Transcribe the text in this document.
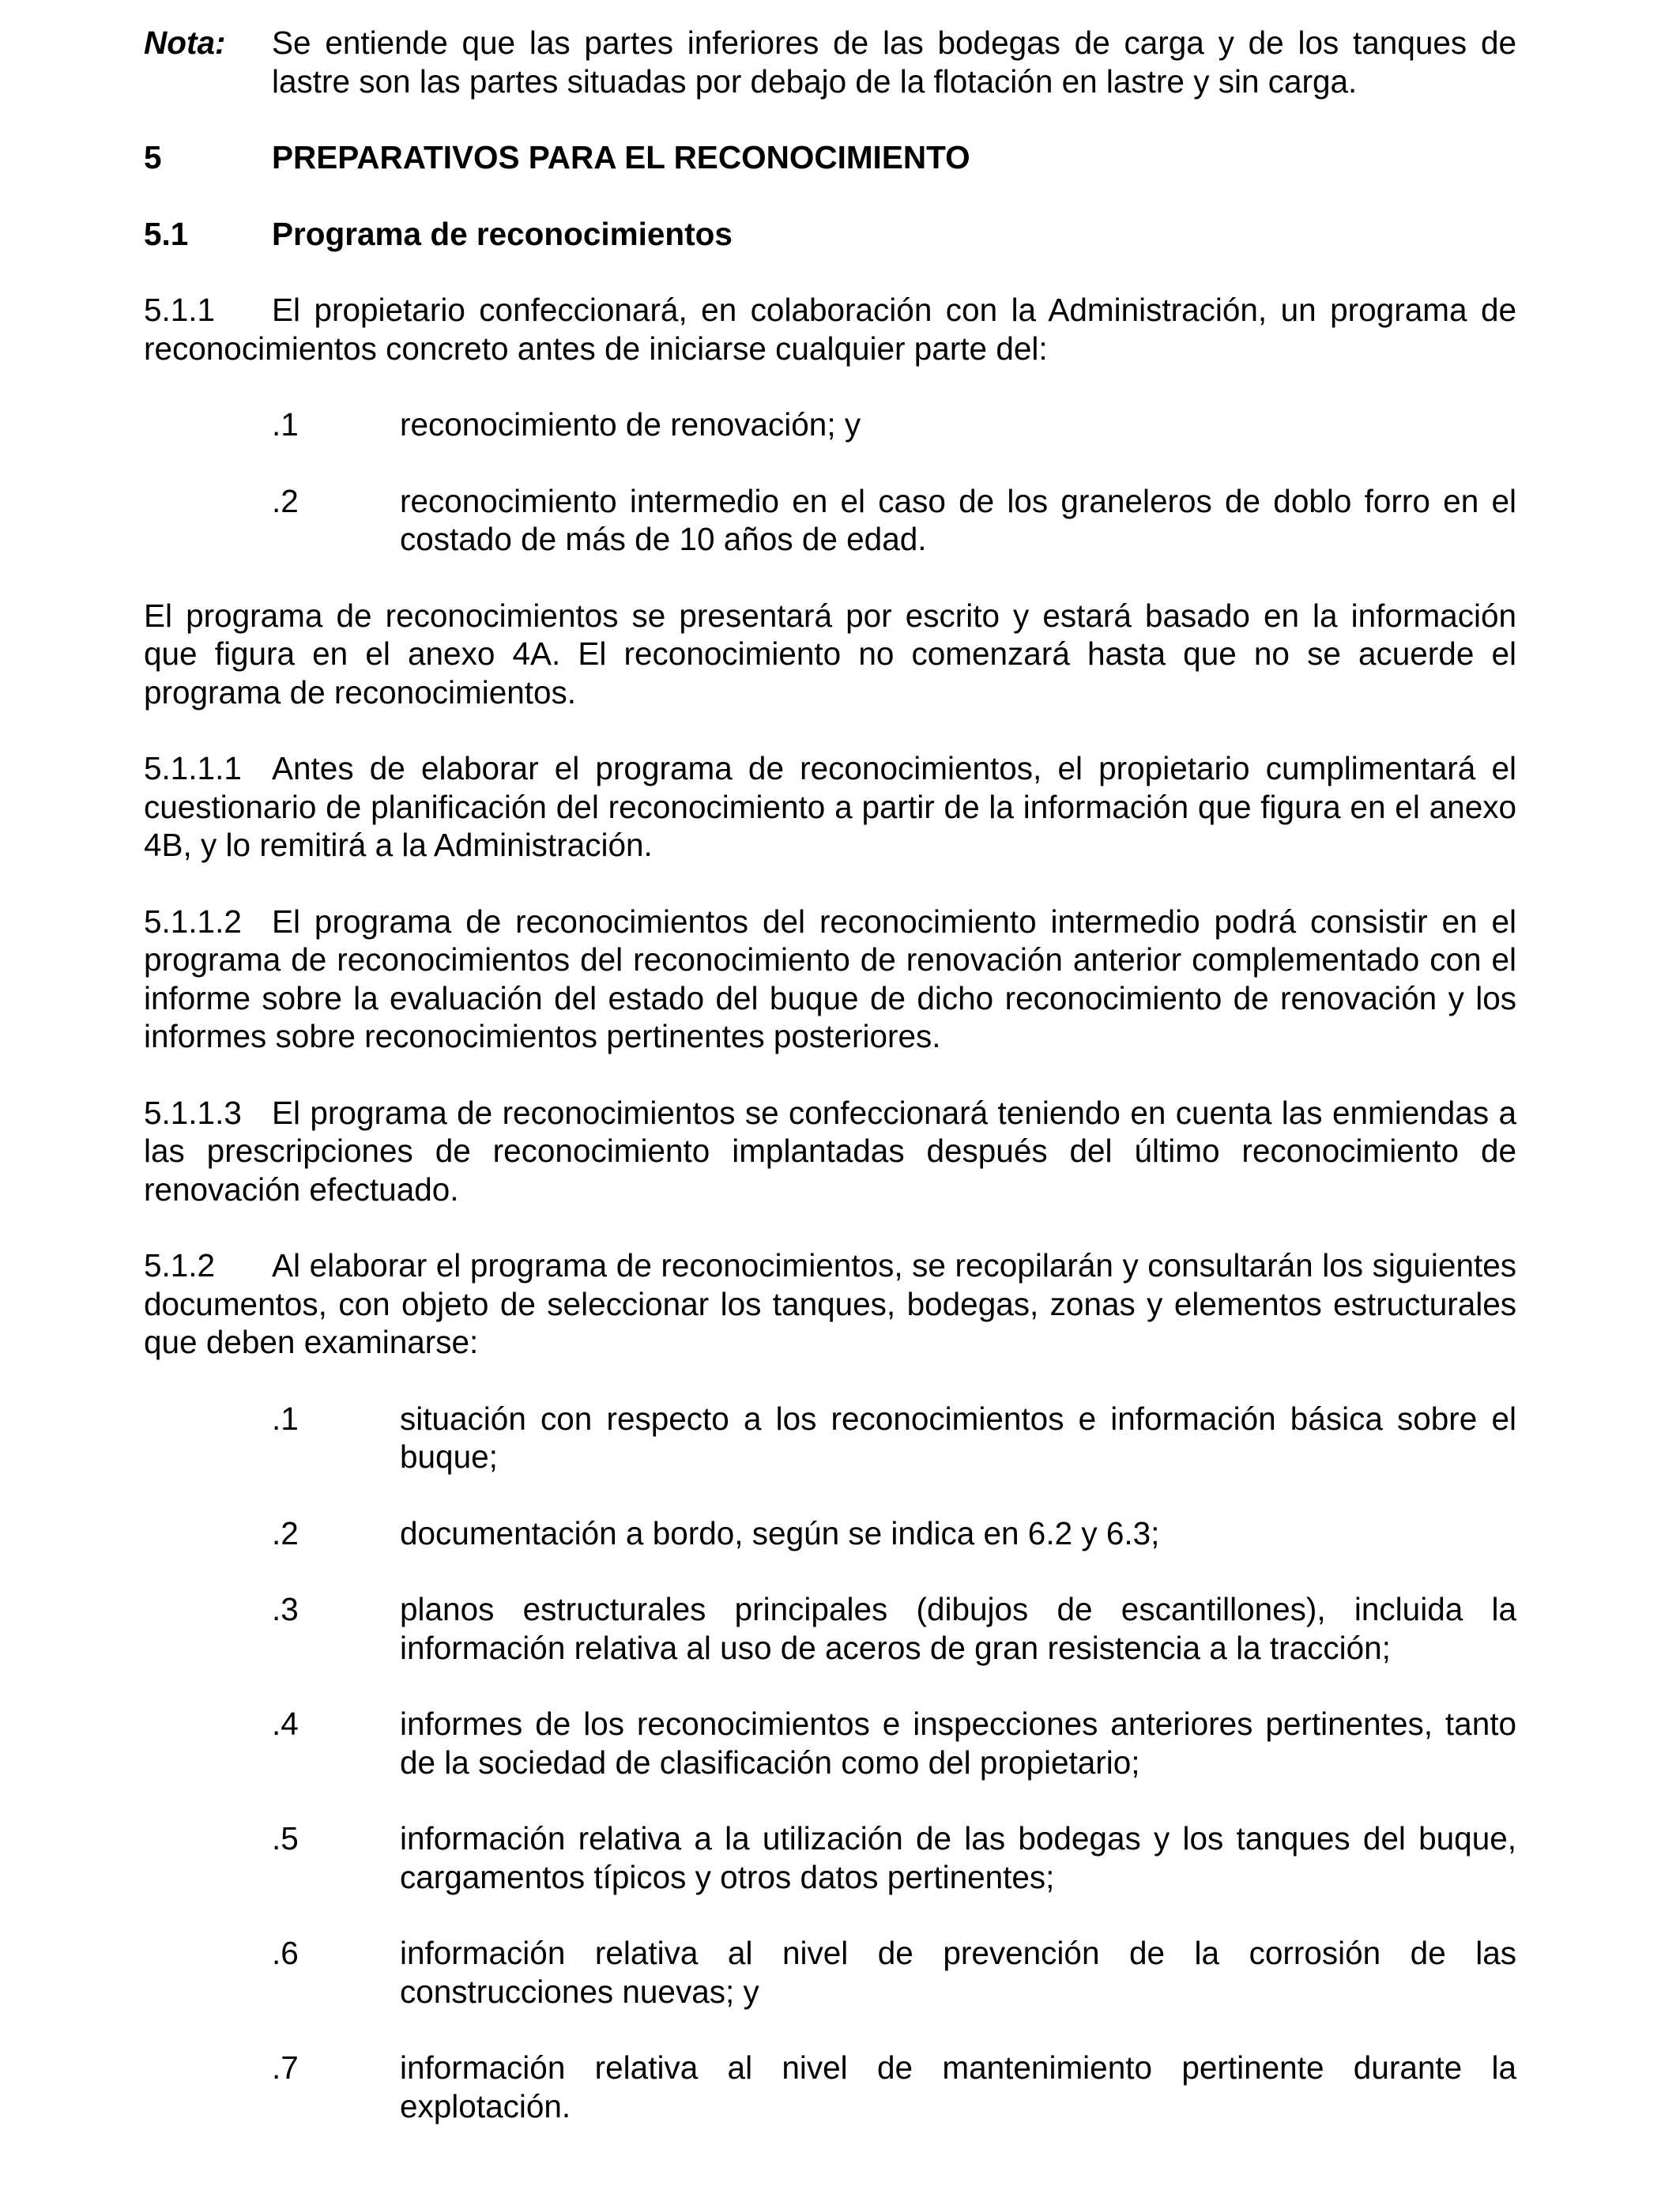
Nota:	Se entiende que las partes inferiores de las bodegas de carga y de los tanques de lastre son las partes situadas por debajo de la flotación en lastre y sin carga.
5	PREPARATIVOS PARA EL RECONOCIMIENTO
5.1	Programa de reconocimientos

5.1.1 El propietario confeccionará, en colaboración con la Administración, un programa de reconocimientos concreto antes de iniciarse cualquier parte del:

.1	reconocimiento de renovación; y
.2	reconocimiento intermedio en el caso de los graneleros de doblo forro en el costado de más de 10 años de edad.

El programa de reconocimientos se presentará por escrito y estará basado en la información que figura en el anexo 4A. El reconocimiento no comenzará hasta que no se acuerde el programa de reconocimientos.

5.1.1.1 Antes de elaborar el programa de reconocimientos, el propietario cumplimentará el cuestionario de planificación del reconocimiento a partir de la información que figura en el anexo 4B, y lo remitirá a la Administración.

5.1.1.2 El programa de reconocimientos del reconocimiento intermedio podrá consistir en el programa de reconocimientos del reconocimiento de renovación anterior complementado con el informe sobre la evaluación del estado del buque de dicho reconocimiento de renovación y los informes sobre reconocimientos pertinentes posteriores.

5.1.1.3 El programa de reconocimientos se confeccionará teniendo en cuenta las enmiendas a las prescripciones de reconocimiento implantadas después del último reconocimiento de renovación efectuado.

5.1.2 Al elaborar el programa de reconocimientos, se recopilarán y consultarán los siguientes documentos, con objeto de seleccionar los tanques, bodegas, zonas y elementos estructurales que deben examinarse:

.1	situación con respecto a los reconocimientos e información básica sobre el buque;
.2	documentación a bordo, según se indica en 6.2 y 6.3;
.3	planos estructurales principales (dibujos de escantillones), incluida la información relativa al uso de aceros de gran resistencia a la tracción;
.4	informes de los reconocimientos e inspecciones anteriores pertinentes, tanto de la sociedad de clasificación como del propietario;
.5	información relativa a la utilización de las bodegas y los tanques del buque, cargamentos típicos y otros datos pertinentes;
.6	información relativa al nivel de prevención de la corrosión de las construcciones nuevas; y
.7	información relativa al nivel de mantenimiento pertinente durante la explotación.
